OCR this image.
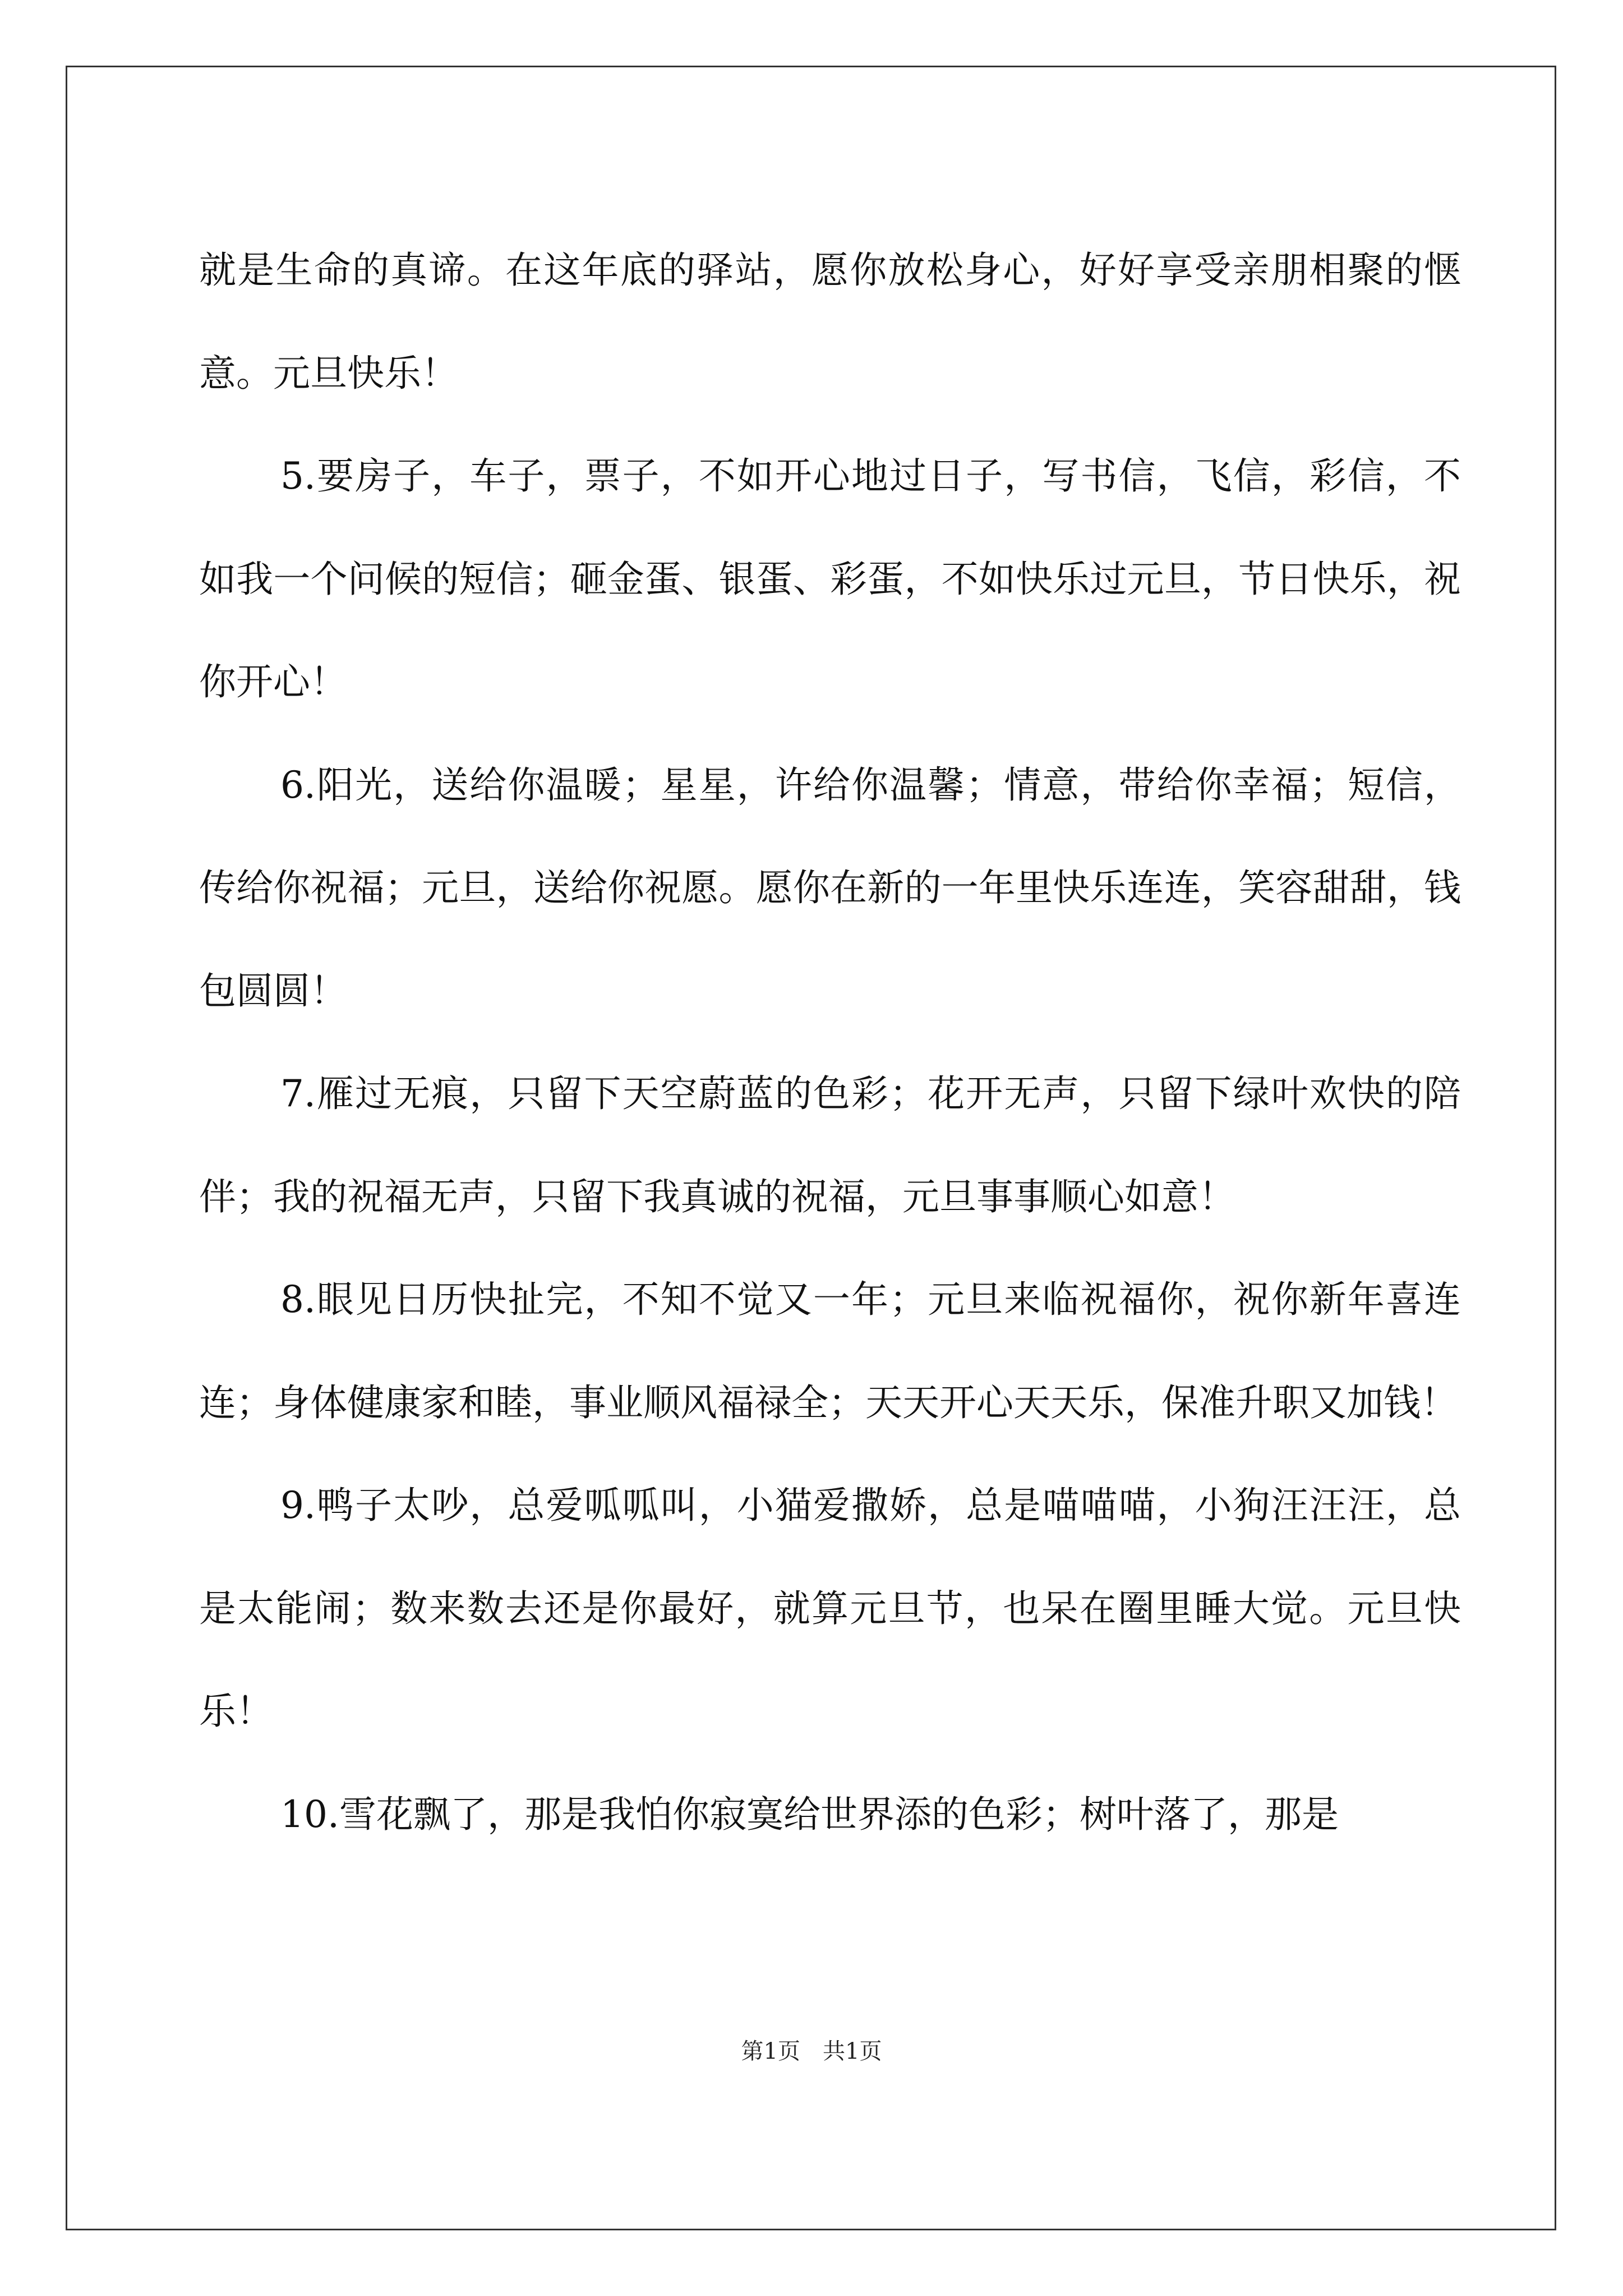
就是生命的真谛。在这年底的驿站，愿你放松身心，好好享受亲朋相聚的惬意。元旦快乐！

5.要房子，车子，票子，不如开心地过日子，写书信，飞信，彩信，不如我一个问候的短信；砸金蛋、银蛋、彩蛋，不如快乐过元旦，节日快乐，祝你开心！

6.阳光，送给你温暖；星星，许给你温馨；情意，带给你幸福；短信，传给你祝福；元旦，送给你祝愿。愿你在新的一年里快乐连连，笑容甜甜，钱包圆圆！

7.雁过无痕，只留下天空蔚蓝的色彩；花开无声，只留下绿叶欢快的陪伴；我的祝福无声，只留下我真诚的祝福，元旦事事顺心如意！

8.眼见日历快扯完，不知不觉又一年；元旦来临祝福你，祝你新年喜连连；身体健康家和睦，事业顺风福禄全；天天开心天天乐，保准升职又加钱！

9.鸭子太吵，总爱呱呱叫，小猫爱撒娇，总是喵喵喵，小狗汪汪汪，总是太能闹；数来数去还是你最好，就算元旦节，也呆在圈里睡大觉。元旦快乐！

10.雪花飘了，那是我怕你寂寞给世界添的色彩；树叶落了，那是

第1页 共1页
